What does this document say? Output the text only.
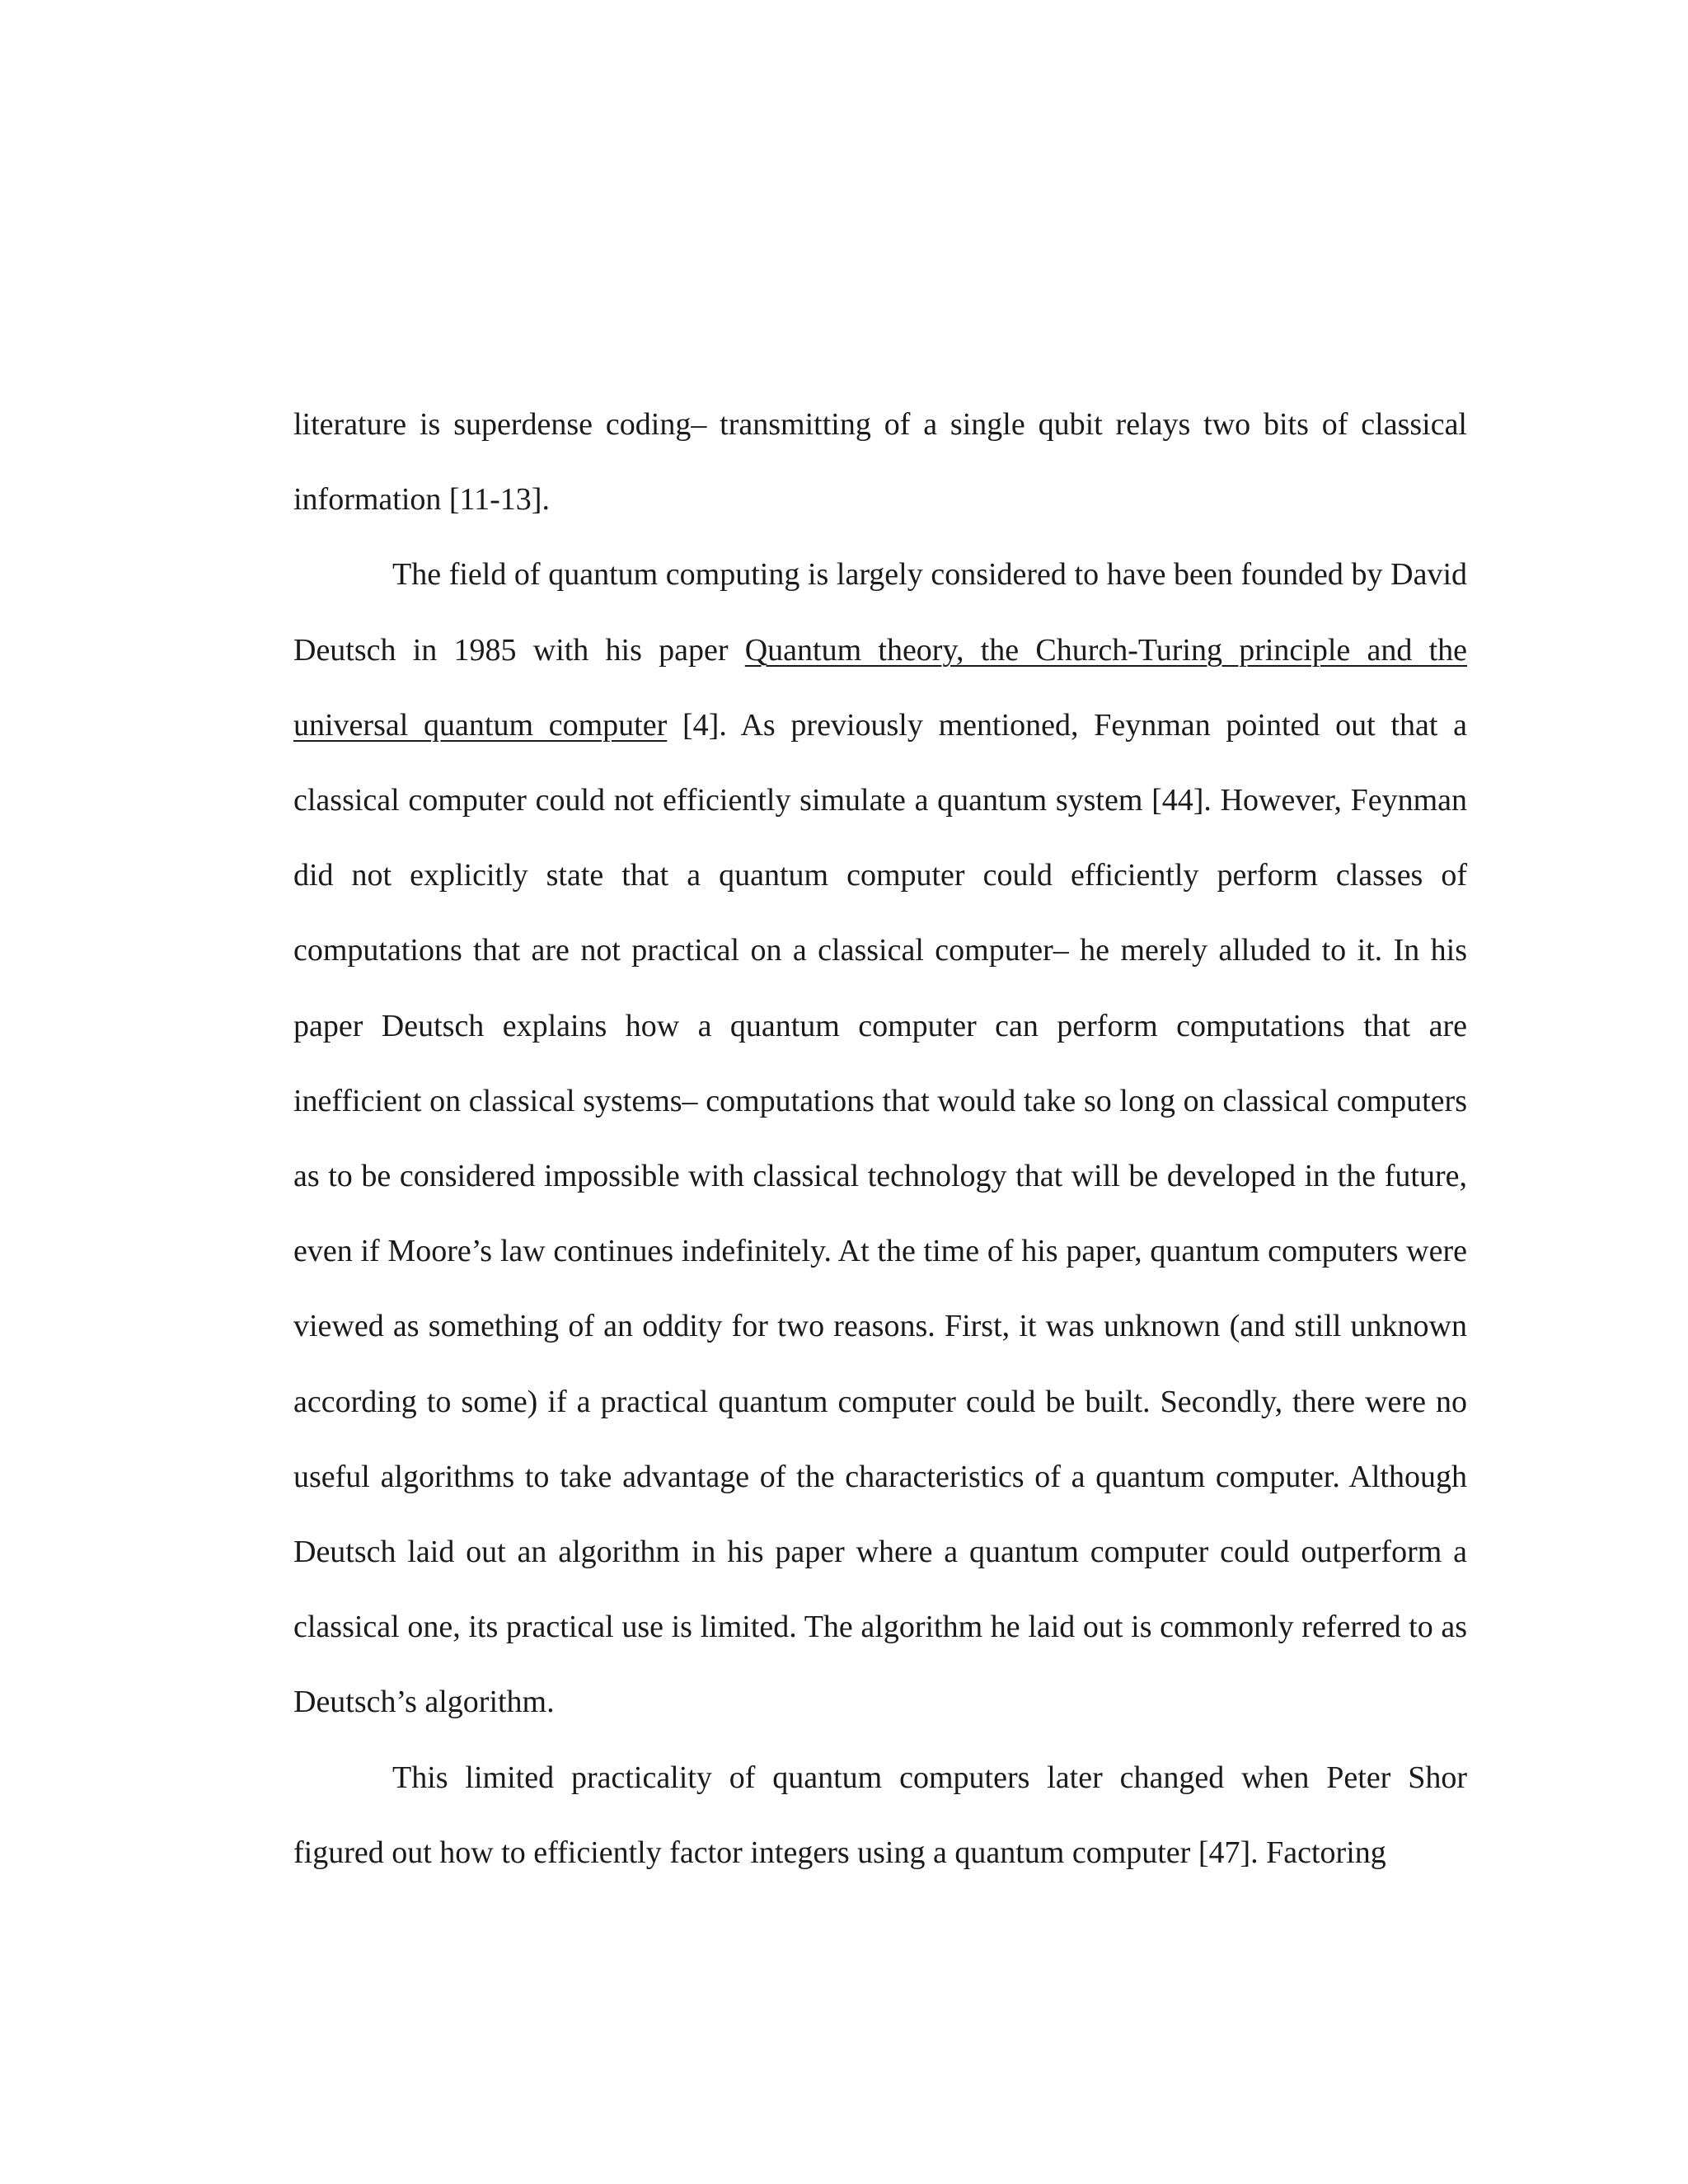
literature is superdense coding– transmitting of a single qubit relays two bits of classical information [11-13].

The field of quantum computing is largely considered to have been founded by David Deutsch in 1985 with his paper Quantum theory, the Church-Turing principle and the universal quantum computer [4]. As previously mentioned, Feynman pointed out that a classical computer could not efficiently simulate a quantum system [44]. However, Feynman did not explicitly state that a quantum computer could efficiently perform classes of computations that are not practical on a classical computer– he merely alluded to it. In his paper Deutsch explains how a quantum computer can perform computations that are inefficient on classical systems– computations that would take so long on classical computers as to be considered impossible with classical technology that will be developed in the future, even if Moore’s law continues indefinitely. At the time of his paper, quantum computers were viewed as something of an oddity for two reasons. First, it was unknown (and still unknown according to some) if a practical quantum computer could be built. Secondly, there were no useful algorithms to take advantage of the characteristics of a quantum computer. Although Deutsch laid out an algorithm in his paper where a quantum computer could outperform a classical one, its practical use is limited. The algorithm he laid out is commonly referred to as Deutsch’s algorithm.

This limited practicality of quantum computers later changed when Peter Shor figured out how to efficiently factor integers using a quantum computer [47]. Factoring
